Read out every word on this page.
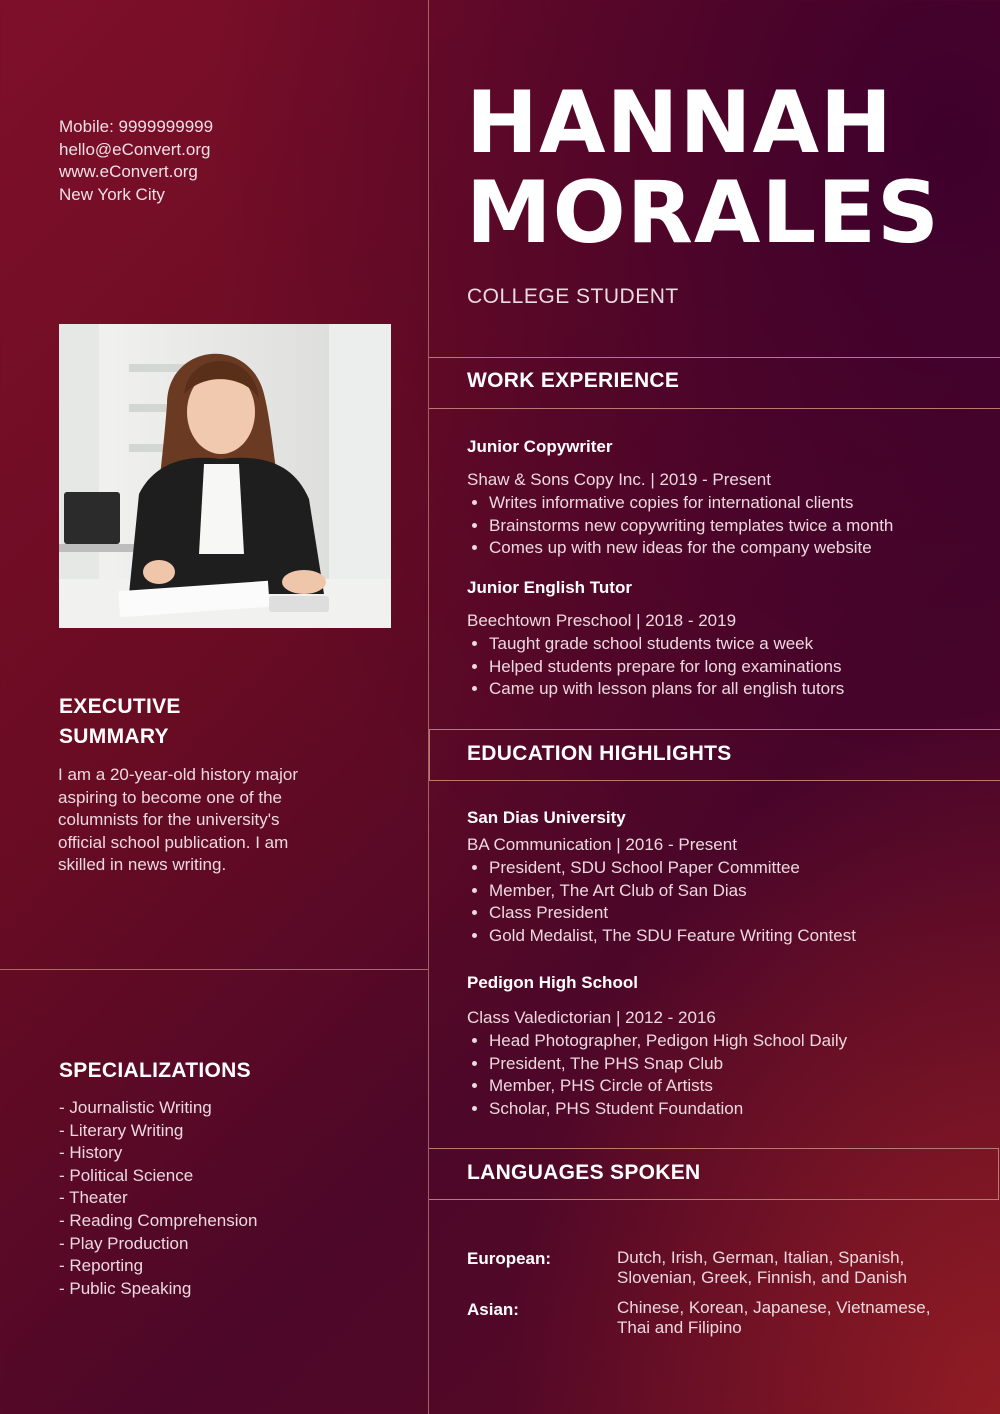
Mobile: 9999999999
hello@eConvert.org
www.eConvert.org
New York City
EXECUTIVE
SUMMARY
I am a 20-year-old history major aspiring to become one of the columnists for the university's official school publication. I am skilled in news writing.
SPECIALIZATIONS
- Journalistic Writing
- Literary Writing
- History
- Political Science
- Theater
- Reading Comprehension
- Play Production
- Reporting
- Public Speaking
HANNAH
MORALES
COLLEGE STUDENT
WORK EXPERIENCE
Junior Copywriter
Shaw & Sons Copy Inc. | 2019 - Present
• Writes informative copies for international clients
• Brainstorms new copywriting templates twice a month
• Comes up with new ideas for the company website
Junior English Tutor
Beechtown Preschool | 2018 - 2019
• Taught grade school students twice a week
• Helped students prepare for long examinations
• Came up with lesson plans for all english tutors
EDUCATION HIGHLIGHTS
San Dias University
BA Communication | 2016 - Present
• President, SDU School Paper Committee
• Member, The Art Club of San Dias
• Class President
• Gold Medalist, The SDU Feature Writing Contest
Pedigon High School
Class Valedictorian | 2012 - 2016
• Head Photographer, Pedigon High School Daily
• President, The PHS Snap Club
• Member, PHS Circle of Artists
• Scholar, PHS Student Foundation
LANGUAGES SPOKEN
European:	Dutch, Irish, German, Italian, Spanish, Slovenian, Greek, Finnish, and Danish
Asian:	Chinese, Korean, Japanese, Vietnamese, Thai and Filipino
